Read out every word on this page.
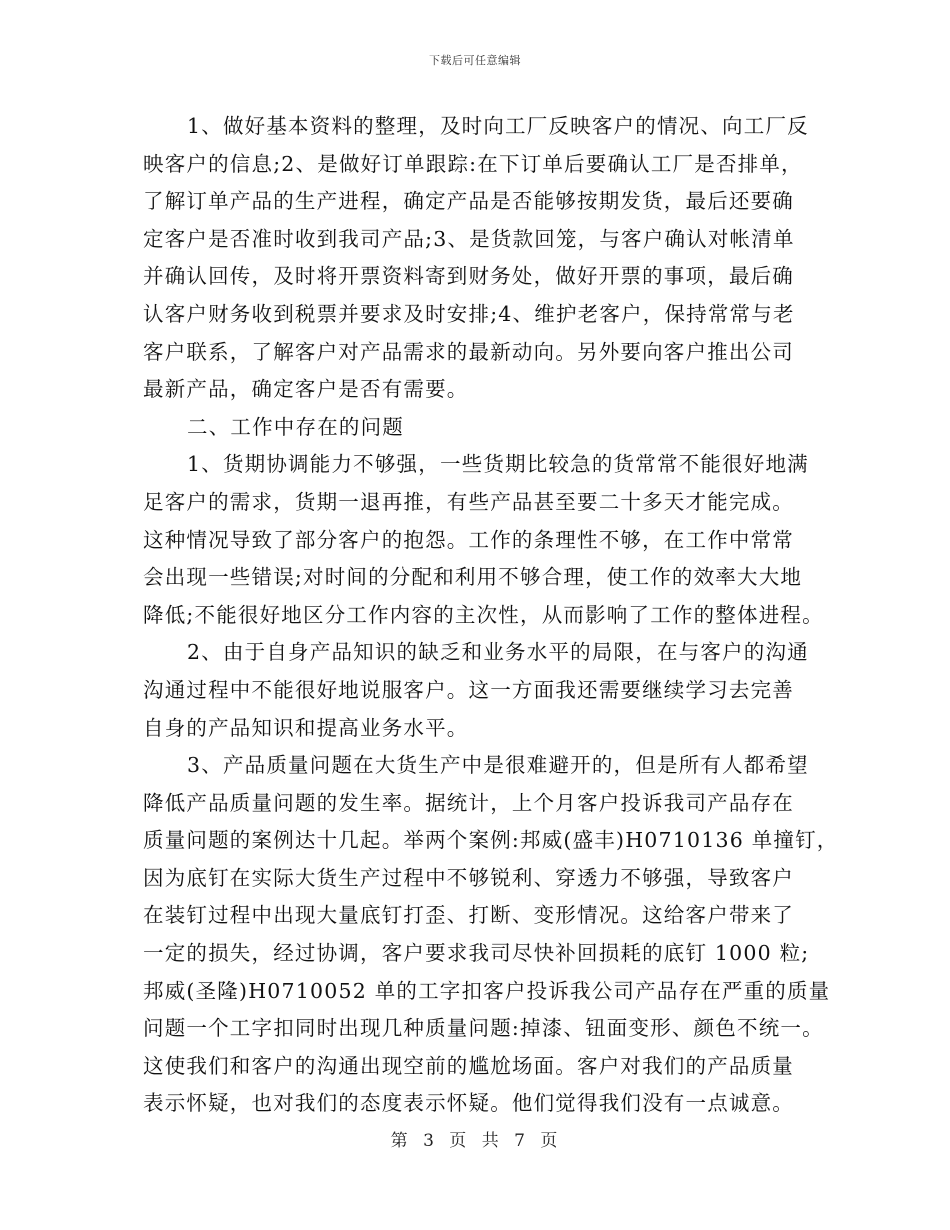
下载后可任意编辑
1、做好基本资料的整理，及时向工厂反映客户的情况、向工厂反
映客户的信息;2、是做好订单跟踪:在下订单后要确认工厂是否排单，
了解订单产品的生产进程，确定产品是否能够按期发货，最后还要确
定客户是否准时收到我司产品;3、是货款回笼，与客户确认对帐清单
并确认回传，及时将开票资料寄到财务处，做好开票的事项，最后确
认客户财务收到税票并要求及时安排;4、维护老客户，保持常常与老
客户联系，了解客户对产品需求的最新动向。另外要向客户推出公司
最新产品，确定客户是否有需要。
二、工作中存在的问题
1、货期协调能力不够强，一些货期比较急的货常常不能很好地满
足客户的需求，货期一退再推，有些产品甚至要二十多天才能完成。
这种情况导致了部分客户的抱怨。工作的条理性不够，在工作中常常
会出现一些错误;对时间的分配和利用不够合理，使工作的效率大大地
降低;不能很好地区分工作内容的主次性，从而影响了工作的整体进程。
2、由于自身产品知识的缺乏和业务水平的局限，在与客户的沟通
沟通过程中不能很好地说服客户。这一方面我还需要继续学习去完善
自身的产品知识和提高业务水平。
3、产品质量问题在大货生产中是很难避开的，但是所有人都希望
降低产品质量问题的发生率。据统计，上个月客户投诉我司产品存在
质量问题的案例达十几起。举两个案例:邦威(盛丰)H0710136 单撞钉，
因为底钉在实际大货生产过程中不够锐利、穿透力不够强，导致客户
在装钉过程中出现大量底钉打歪、打断、变形情况。这给客户带来了
一定的损失，经过协调，客户要求我司尽快补回损耗的底钉 1000 粒;
邦威(圣隆)H0710052 单的工字扣客户投诉我公司产品存在严重的质量
问题一个工字扣同时出现几种质量问题:掉漆、钮面变形、颜色不统一。
这使我们和客户的沟通出现空前的尴尬场面。客户对我们的产品质量
表示怀疑，也对我们的态度表示怀疑。他们觉得我们没有一点诚意。
第 3 页 共 7 页
